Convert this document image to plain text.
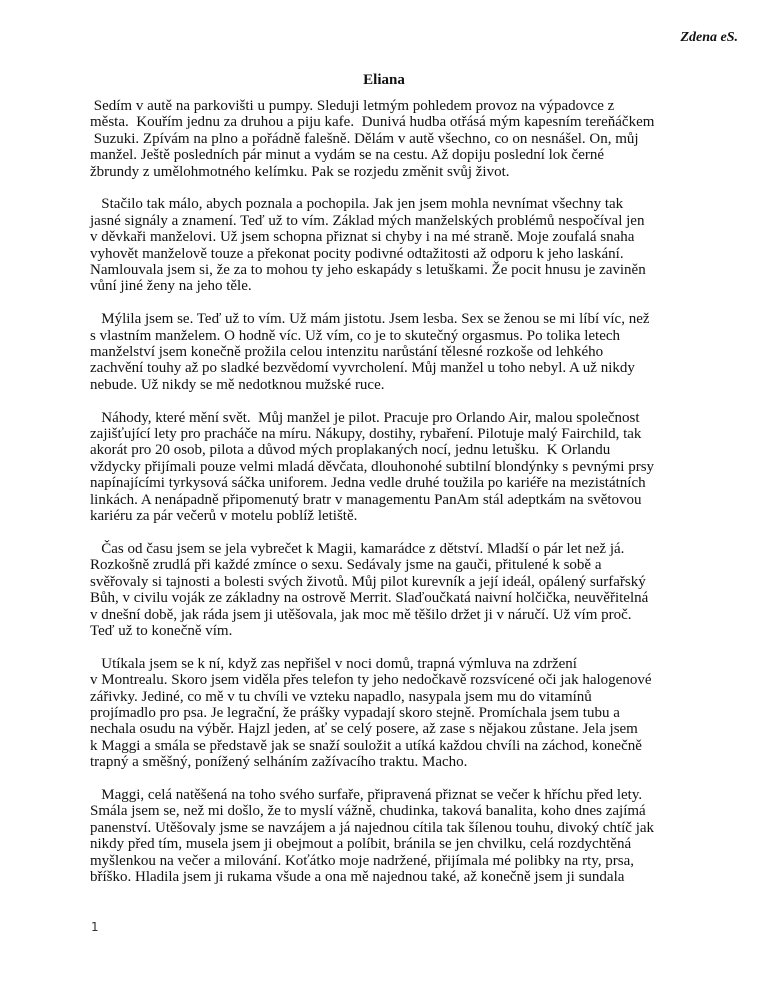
Zdena eS.
Eliana
Sedím v autě na parkovišti u pumpy. Sleduji letmým pohledem provoz na výpadovce z
města.  Kouřím jednu za druhou a piju kafe.  Dunivá hudba otřásá mým kapesním tereňáčkem
Suzuki. Zpívám na plno a pořádně falešně. Dělám v autě všechno, co on nesnášel. On, můj
manžel. Ještě posledních pár minut a vydám se na cestu. Až dopiju poslední lok černé
žbrundy z umělohmotného kelímku. Pak se rozjedu změnit svůj život.
Stačilo tak málo, abych poznala a pochopila. Jak jen jsem mohla nevnímat všechny tak
jasné signály a znamení. Teď už to vím. Základ mých manželských problémů nespočíval jen
v děvkaři manželovi. Už jsem schopna přiznat si chyby i na mé straně. Moje zoufalá snaha
vyhovět manželově touze a překonat pocity podivné odtažitosti až odporu k jeho laskání.
Namlouvala jsem si, že za to mohou ty jeho eskapády s letuškami. Že pocit hnusu je zaviněn
vůní jiné ženy na jeho těle.
Mýlila jsem se. Teď už to vím. Už mám jistotu. Jsem lesba. Sex se ženou se mi líbí víc, než
s vlastním manželem. O hodně víc. Už vím, co je to skutečný orgasmus. Po tolika letech
manželství jsem konečně prožila celou intenzitu narůstání tělesné rozkoše od lehkého
zachvění touhy až po sladké bezvědomí vyvrcholení. Můj manžel u toho nebyl. A už nikdy
nebude. Už nikdy se mě nedotknou mužské ruce.
Náhody, které mění svět.  Můj manžel je pilot. Pracuje pro Orlando Air, malou společnost
zajišťující lety pro pracháče na míru. Nákupy, dostihy, rybaření. Pilotuje malý Fairchild, tak
akorát pro 20 osob, pilota a důvod mých proplakaných nocí, jednu letušku.  K Orlandu
vždycky přijímali pouze velmi mladá děvčata, dlouhonohé subtilní blondýnky s pevnými prsy
napínajícími tyrkysová sáčka uniforem. Jedna vedle druhé toužila po kariéře na mezistátních
linkách. A nenápadně připomenutý bratr v managementu PanAm stál adeptkám na světovou
kariéru za pár večerů v motelu poblíž letiště.
Čas od času jsem se jela vybrečet k Magii, kamarádce z dětství. Mladší o pár let než já.
Rozkošně zrudlá při každé zmínce o sexu. Sedávaly jsme na gauči, přitulené k sobě a
svěřovaly si tajnosti a bolesti svých životů. Můj pilot kurevník a její ideál, opálený surfařský
Bůh, v civilu voják ze základny na ostrově Merrit. Slaďoučkatá naivní holčička, neuvěřitelná
v dnešní době, jak ráda jsem ji utěšovala, jak moc mě těšilo držet ji v náručí. Už vím proč.
Teď už to konečně vím.
Utíkala jsem se k ní, když zas nepřišel v noci domů, trapná výmluva na zdržení
v Montrealu. Skoro jsem viděla přes telefon ty jeho nedočkavě rozsvícené oči jak halogenové
zářivky. Jediné, co mě v tu chvíli ve vzteku napadlo, nasypala jsem mu do vitamínů
projímadlo pro psa. Je legrační, že prášky vypadají skoro stejně. Promíchala jsem tubu a
nechala osudu na výběr. Hajzl jeden, ať se celý posere, až zase s nějakou zůstane. Jela jsem
k Maggi a smála se představě jak se snaží souložit a utíká každou chvíli na záchod, konečně
trapný a směšný, ponížený selháním zažívacího traktu. Macho.
Maggi, celá natěšená na toho svého surfaře, připravená přiznat se večer k hříchu před lety.
Smála jsem se, než mi došlo, že to myslí vážně, chudinka, taková banalita, koho dnes zajímá
panenství. Utěšovaly jsme se navzájem a já najednou cítila tak šílenou touhu, divoký chtíč jak
nikdy před tím, musela jsem ji obejmout a políbit, bránila se jen chvilku, celá rozdychtěná
myšlenkou na večer a milování. Koťátko moje nadržené, přijímala mé polibky na rty, prsa,
bříško. Hladila jsem ji rukama všude a ona mě najednou také, až konečně jsem ji sundala
1
